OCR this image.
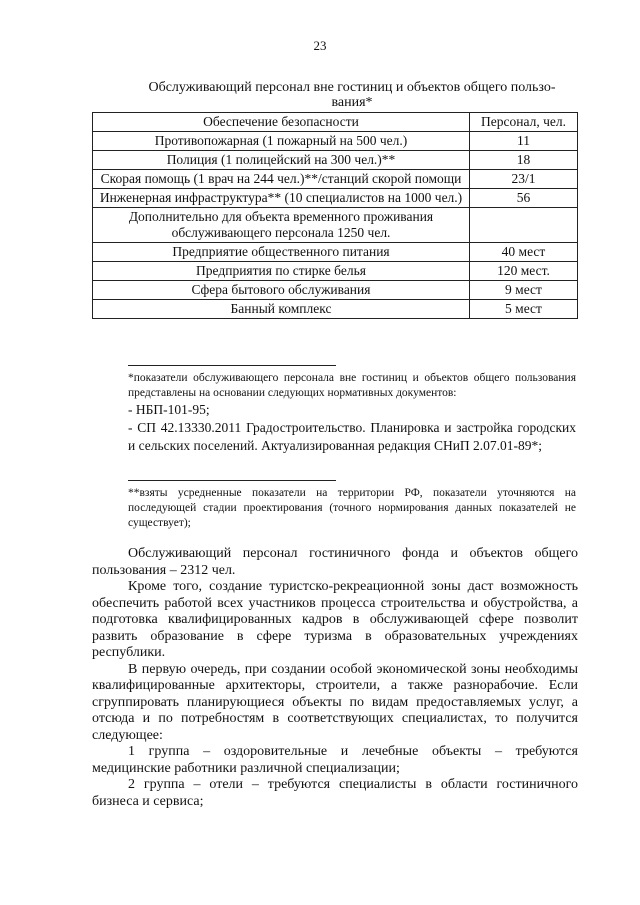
23
Обслуживающий персонал вне гостиниц и объектов общего пользо-вания*
Обеспечение безопасности	Персонал, чел.
Противопожарная (1 пожарный на 500 чел.)	11
Полиция (1 полицейский на 300 чел.)**	18
Скорая помощь (1 врач на 244 чел.)**/станций скорой помощи	23/1
Инженерная инфраструктура** (10 специалистов на 1000 чел.)	56
Дополнительно для объекта временного проживания обслуживающего персонала 1250 чел.	
Предприятие общественного питания	40 мест
Предприятия по стирке белья	120 мест.
Сфера бытового обслуживания	9 мест
Банный комплекс	5 мест

*показатели обслуживающего персонала вне гостиниц и объектов общего пользования представлены на основании следующих нормативных документов:

- НБП-101-95;

- СП 42.13330.2011 Градостроительство. Планировка и застройка городских и сельских поселений. Актуализированная редакция СНиП 2.07.01-89*;

**взяты усредненные показатели на территории РФ, показатели уточняются на последующей стадии проектирования (точного нормирования данных показателей не существует);

Обслуживающий персонал гостиничного фонда и объектов общего пользования – 2312 чел.

Кроме того, создание туристско-рекреационной зоны даст возможность обеспечить работой всех участников процесса строительства и обустройства, а подготовка квалифицированных кадров в обслуживающей сфере позволит развить образование в сфере туризма в образовательных учреждениях республики.

В первую очередь, при создании особой экономической зоны необходимы квалифицированные архитекторы, строители, а также разнорабочие. Если сгруппировать планирующиеся объекты по видам предоставляемых услуг, а отсюда и по потребностям в соответствующих специалистах, то получится следующее:

1 группа – оздоровительные и лечебные объекты – требуются медицинские работники различной специализации;

2 группа – отели – требуются специалисты в области гостиничного бизнеса и сервиса;
